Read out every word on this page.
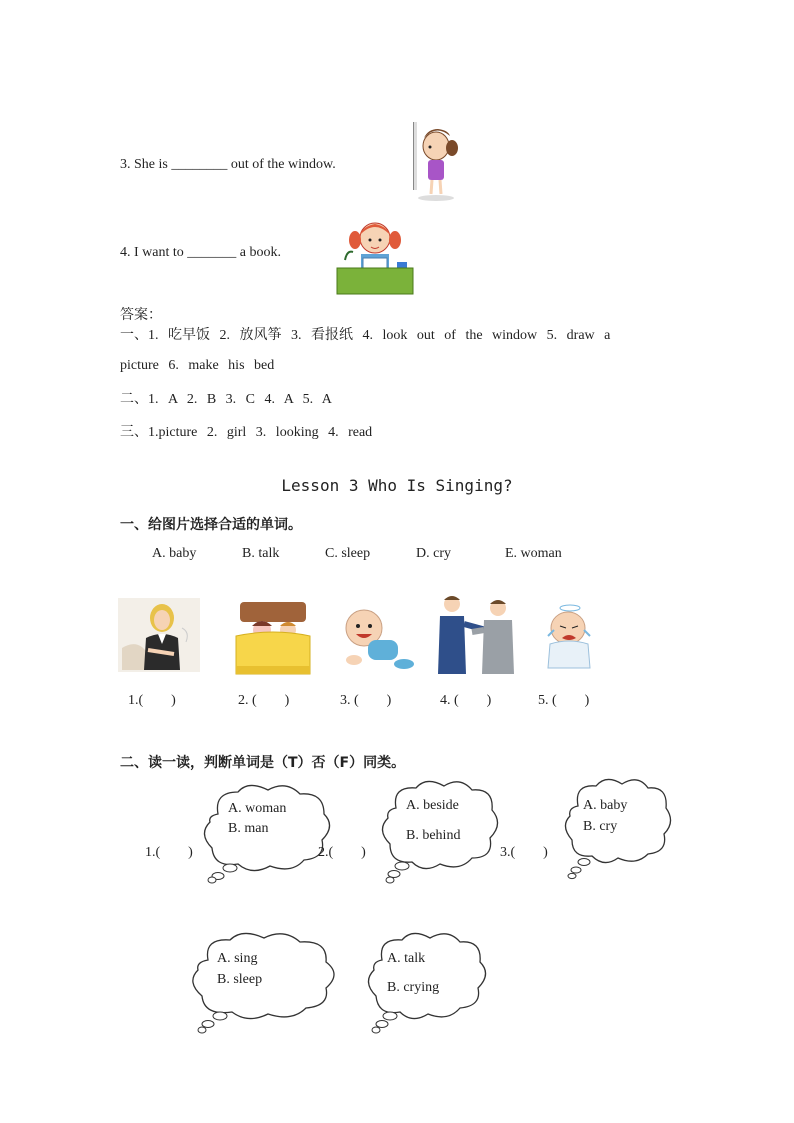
3. She is ________ out of the window.
4. I want to _______ a book.
答案：
一、1. 吃早饭 2. 放风筝 3. 看报纸 4. look out of the window 5. draw a
picture 6. make his bed
二、1. A 2. B 3. C 4. A 5. A
三、1.picture 2. girl 3. looking 4. read
Lesson 3 Who Is Singing?
一、给图片选择合适的单词。
A. baby	B. talk	C. sleep	D. cry	E. woman
1.(        )	2. (        )	3. (        )	4. (        )	5. (        )
二、读一读，判断单词是（T）否（F）同类。
A. woman
B. man
1.(        )
A. beside
B. behind
2.(        )
A. baby
B. cry
3.(        )
A. sing
B. sleep
A. talk
B. crying
